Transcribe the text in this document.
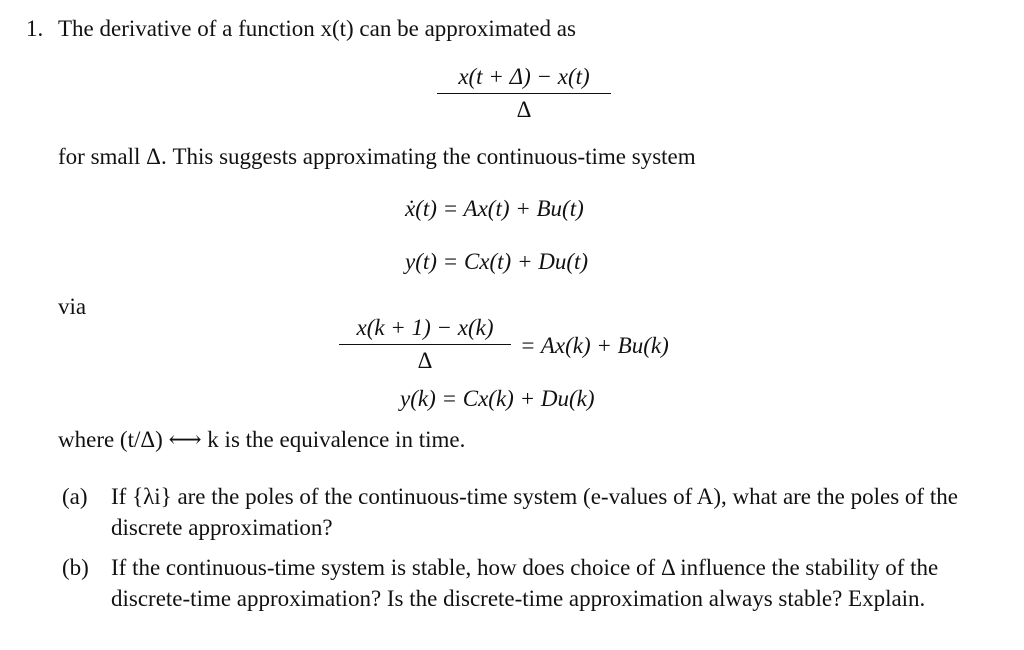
1. The derivative of a function x(t) can be approximated as
$\frac{x(t + \Delta) - x(t)}{\Delta}$
for small Δ. This suggests approximating the continuous-time system
ẋ(t) = Ax(t) + Bu(t)
y(t) = Cx(t) + Du(t)
via
$\frac{x(k + 1) - x(k)}{\Delta} = Ax(k) + Bu(k)$
y(k) = Cx(k) + Du(k)
where (t/Δ) ⟷ k is the equivalence in time.
(a) If {λi} are the poles of the continuous-time system (e-values of A), what are the poles of the discrete approximation?
(b) If the continuous-time system is stable, how does choice of Δ influence the stability of the discrete-time approximation? Is the discrete-time approximation always stable? Explain.
